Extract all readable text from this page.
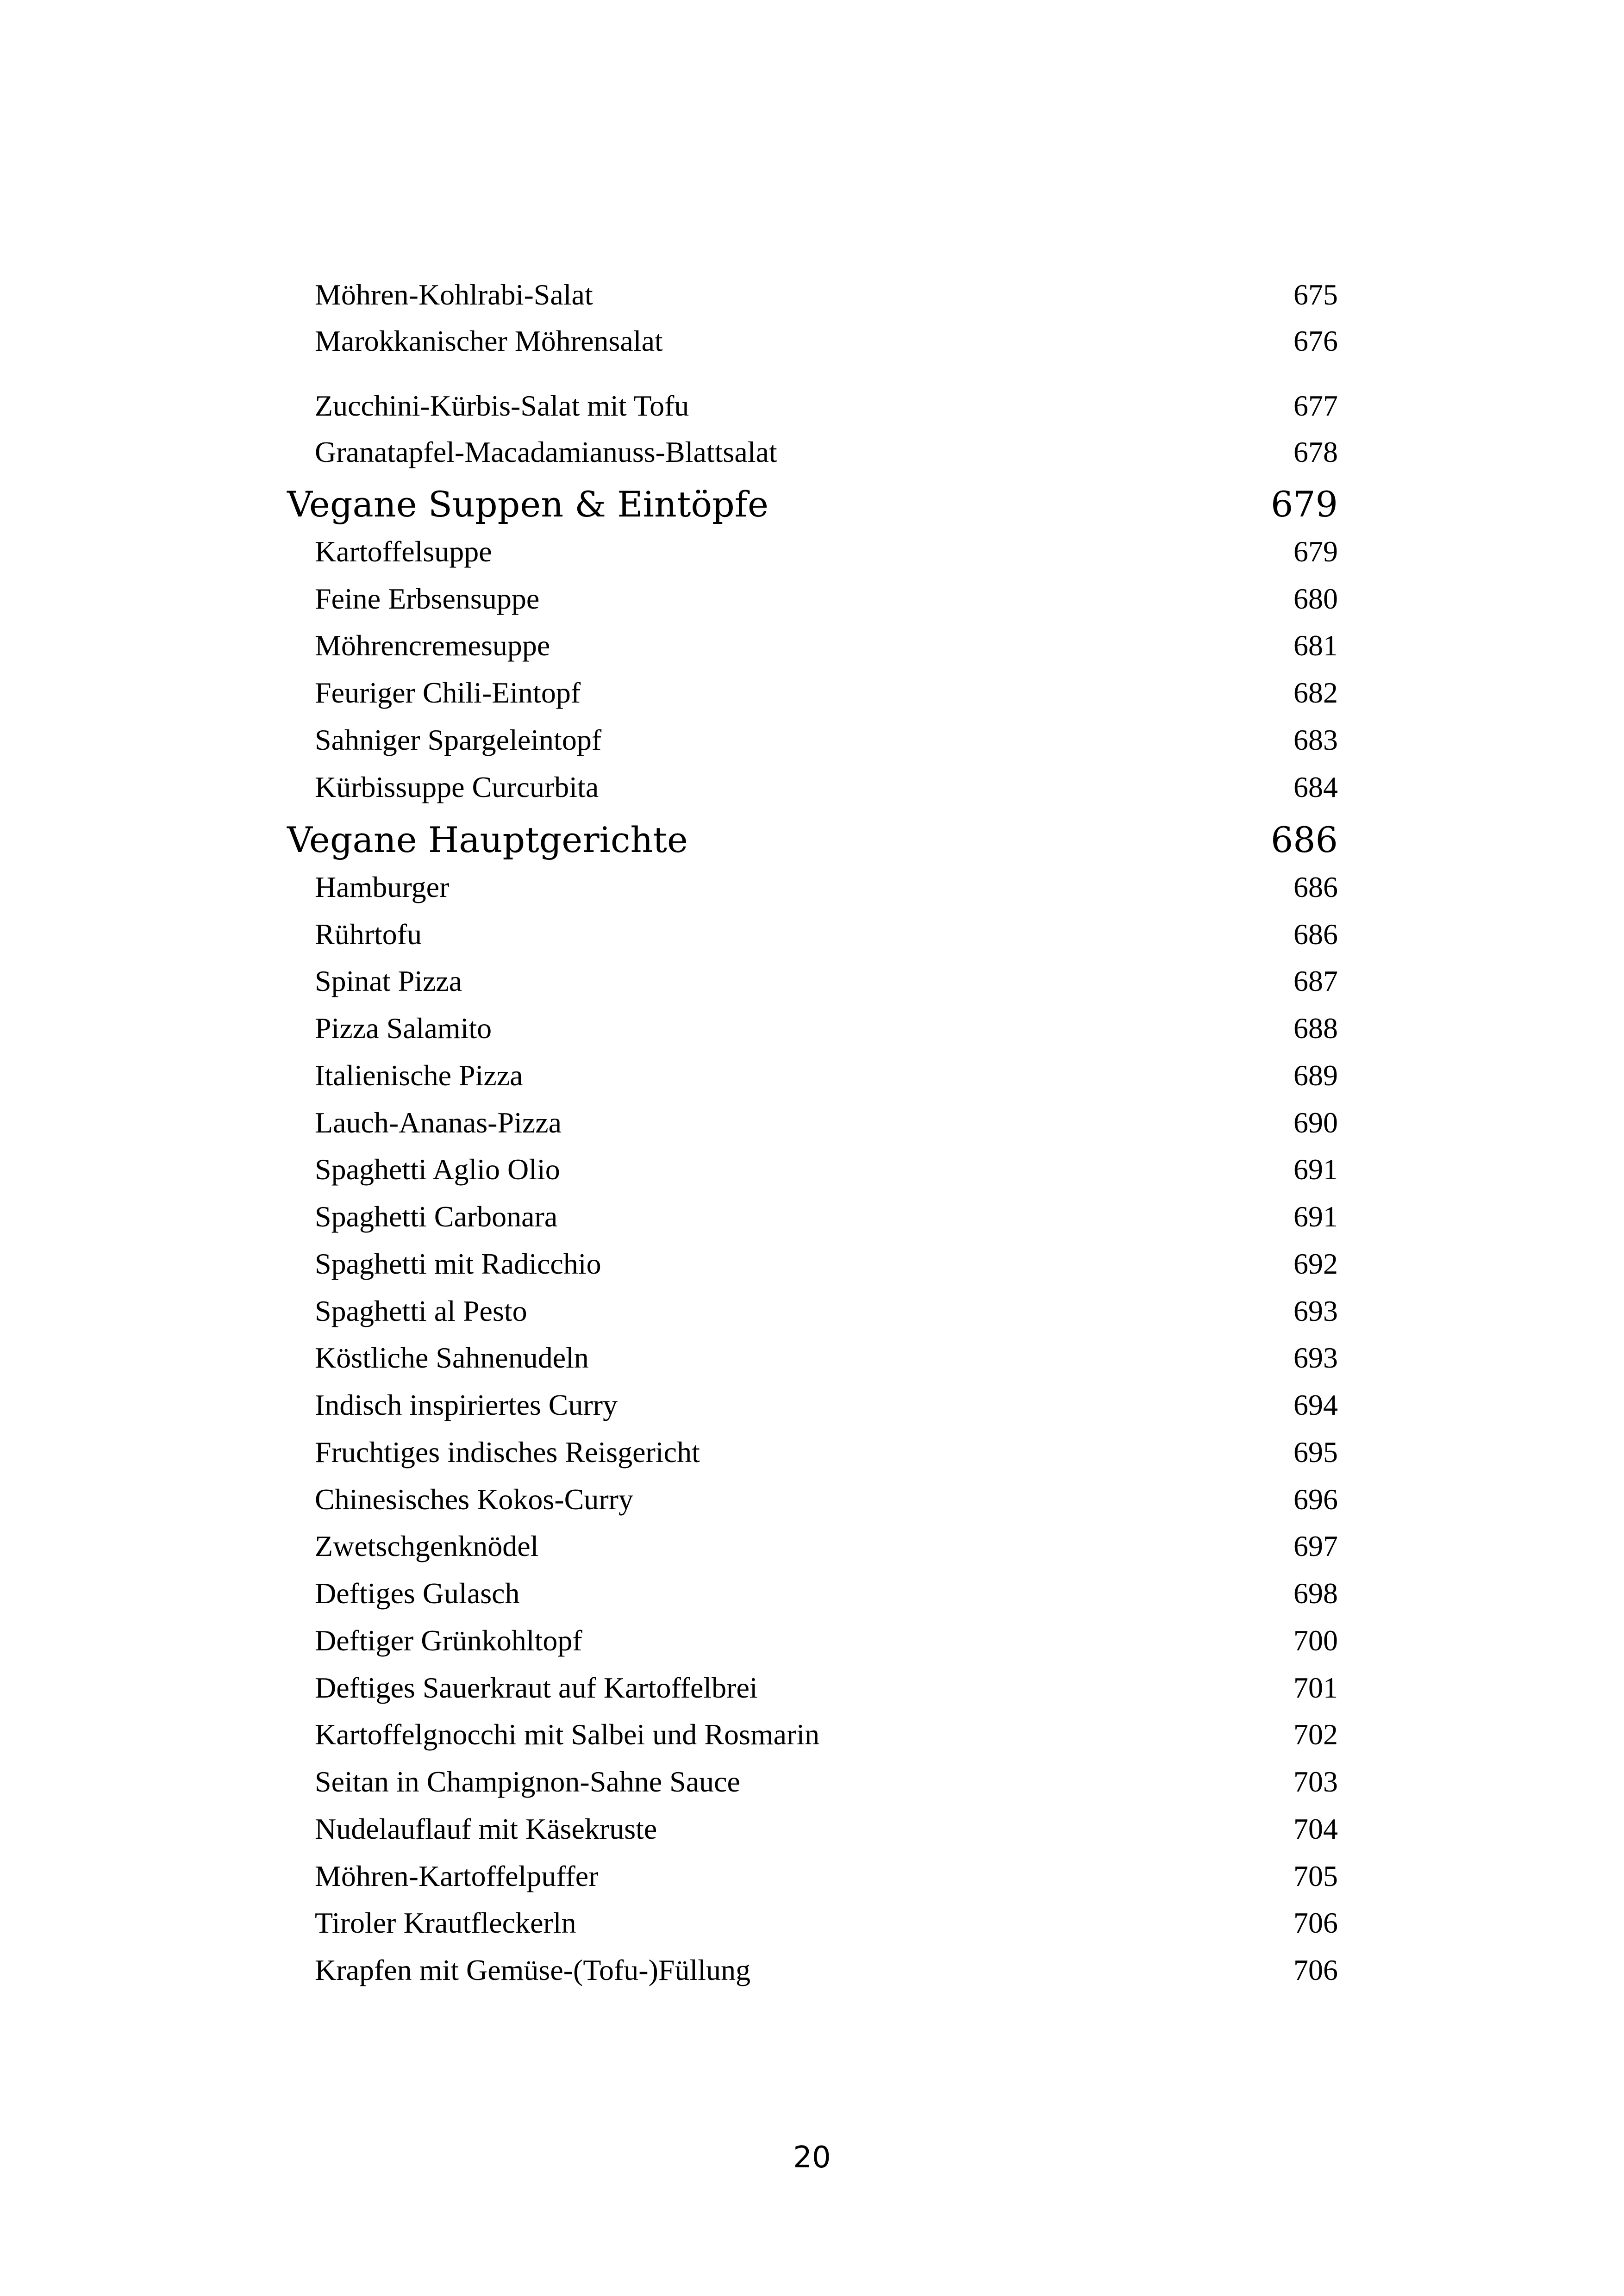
Möhren-Kohlrabi-Salat	675
Marokkanischer Möhrensalat	676
Zucchini-Kürbis-Salat mit Tofu	677
Granatapfel-Macadamianuss-Blattsalat	678
Vegane Suppen & Eintöpfe	679
Kartoffelsuppe	679
Feine Erbsensuppe	680
Möhrencremesuppe	681
Feuriger Chili-Eintopf	682
Sahniger Spargeleintopf	683
Kürbissuppe Curcurbita	684
Vegane Hauptgerichte	686
Hamburger	686
Rührtofu	686
Spinat Pizza	687
Pizza Salamito	688
Italienische Pizza	689
Lauch-Ananas-Pizza	690
Spaghetti Aglio Olio	691
Spaghetti Carbonara	691
Spaghetti mit Radicchio	692
Spaghetti al Pesto	693
Köstliche Sahnenudeln	693
Indisch inspiriertes Curry	694
Fruchtiges indisches Reisgericht	695
Chinesisches Kokos-Curry	696
Zwetschgenknödel	697
Deftiges Gulasch	698
Deftiger Grünkohltopf	700
Deftiges Sauerkraut auf Kartoffelbrei	701
Kartoffelgnocchi mit Salbei und Rosmarin	702
Seitan in Champignon-Sahne Sauce	703
Nudelauflauf mit Käsekruste	704
Möhren-Kartoffelpuffer	705
Tiroler Krautfleckerln	706
Krapfen mit Gemüse-(Tofu-)Füllung	706
20
